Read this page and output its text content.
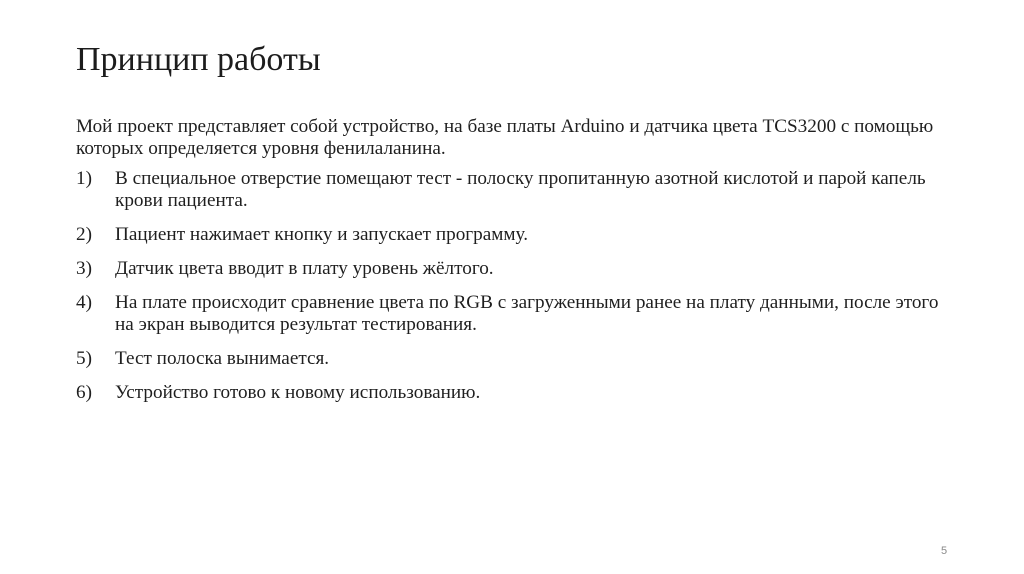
Принцип работы

Мой проект представляет собой устройство, на базе платы Arduino и датчика цвета TCS3200 с помощью которых определяется уровня фенилаланина.

1)	В специальное отверстие помещают тест - полоску пропитанную азотной кислотой и парой капель крови пациента.
2)	Пациент нажимает кнопку и запускает программу.
3)	Датчик цвета вводит в плату уровень жёлтого.
4)	На плате происходит сравнение цвета по RGB с загруженными ранее на плату данными, после этого на экран выводится результат тестирования.
5)	Тест полоска вынимается.
6)	Устройство готово к новому использованию.
5
